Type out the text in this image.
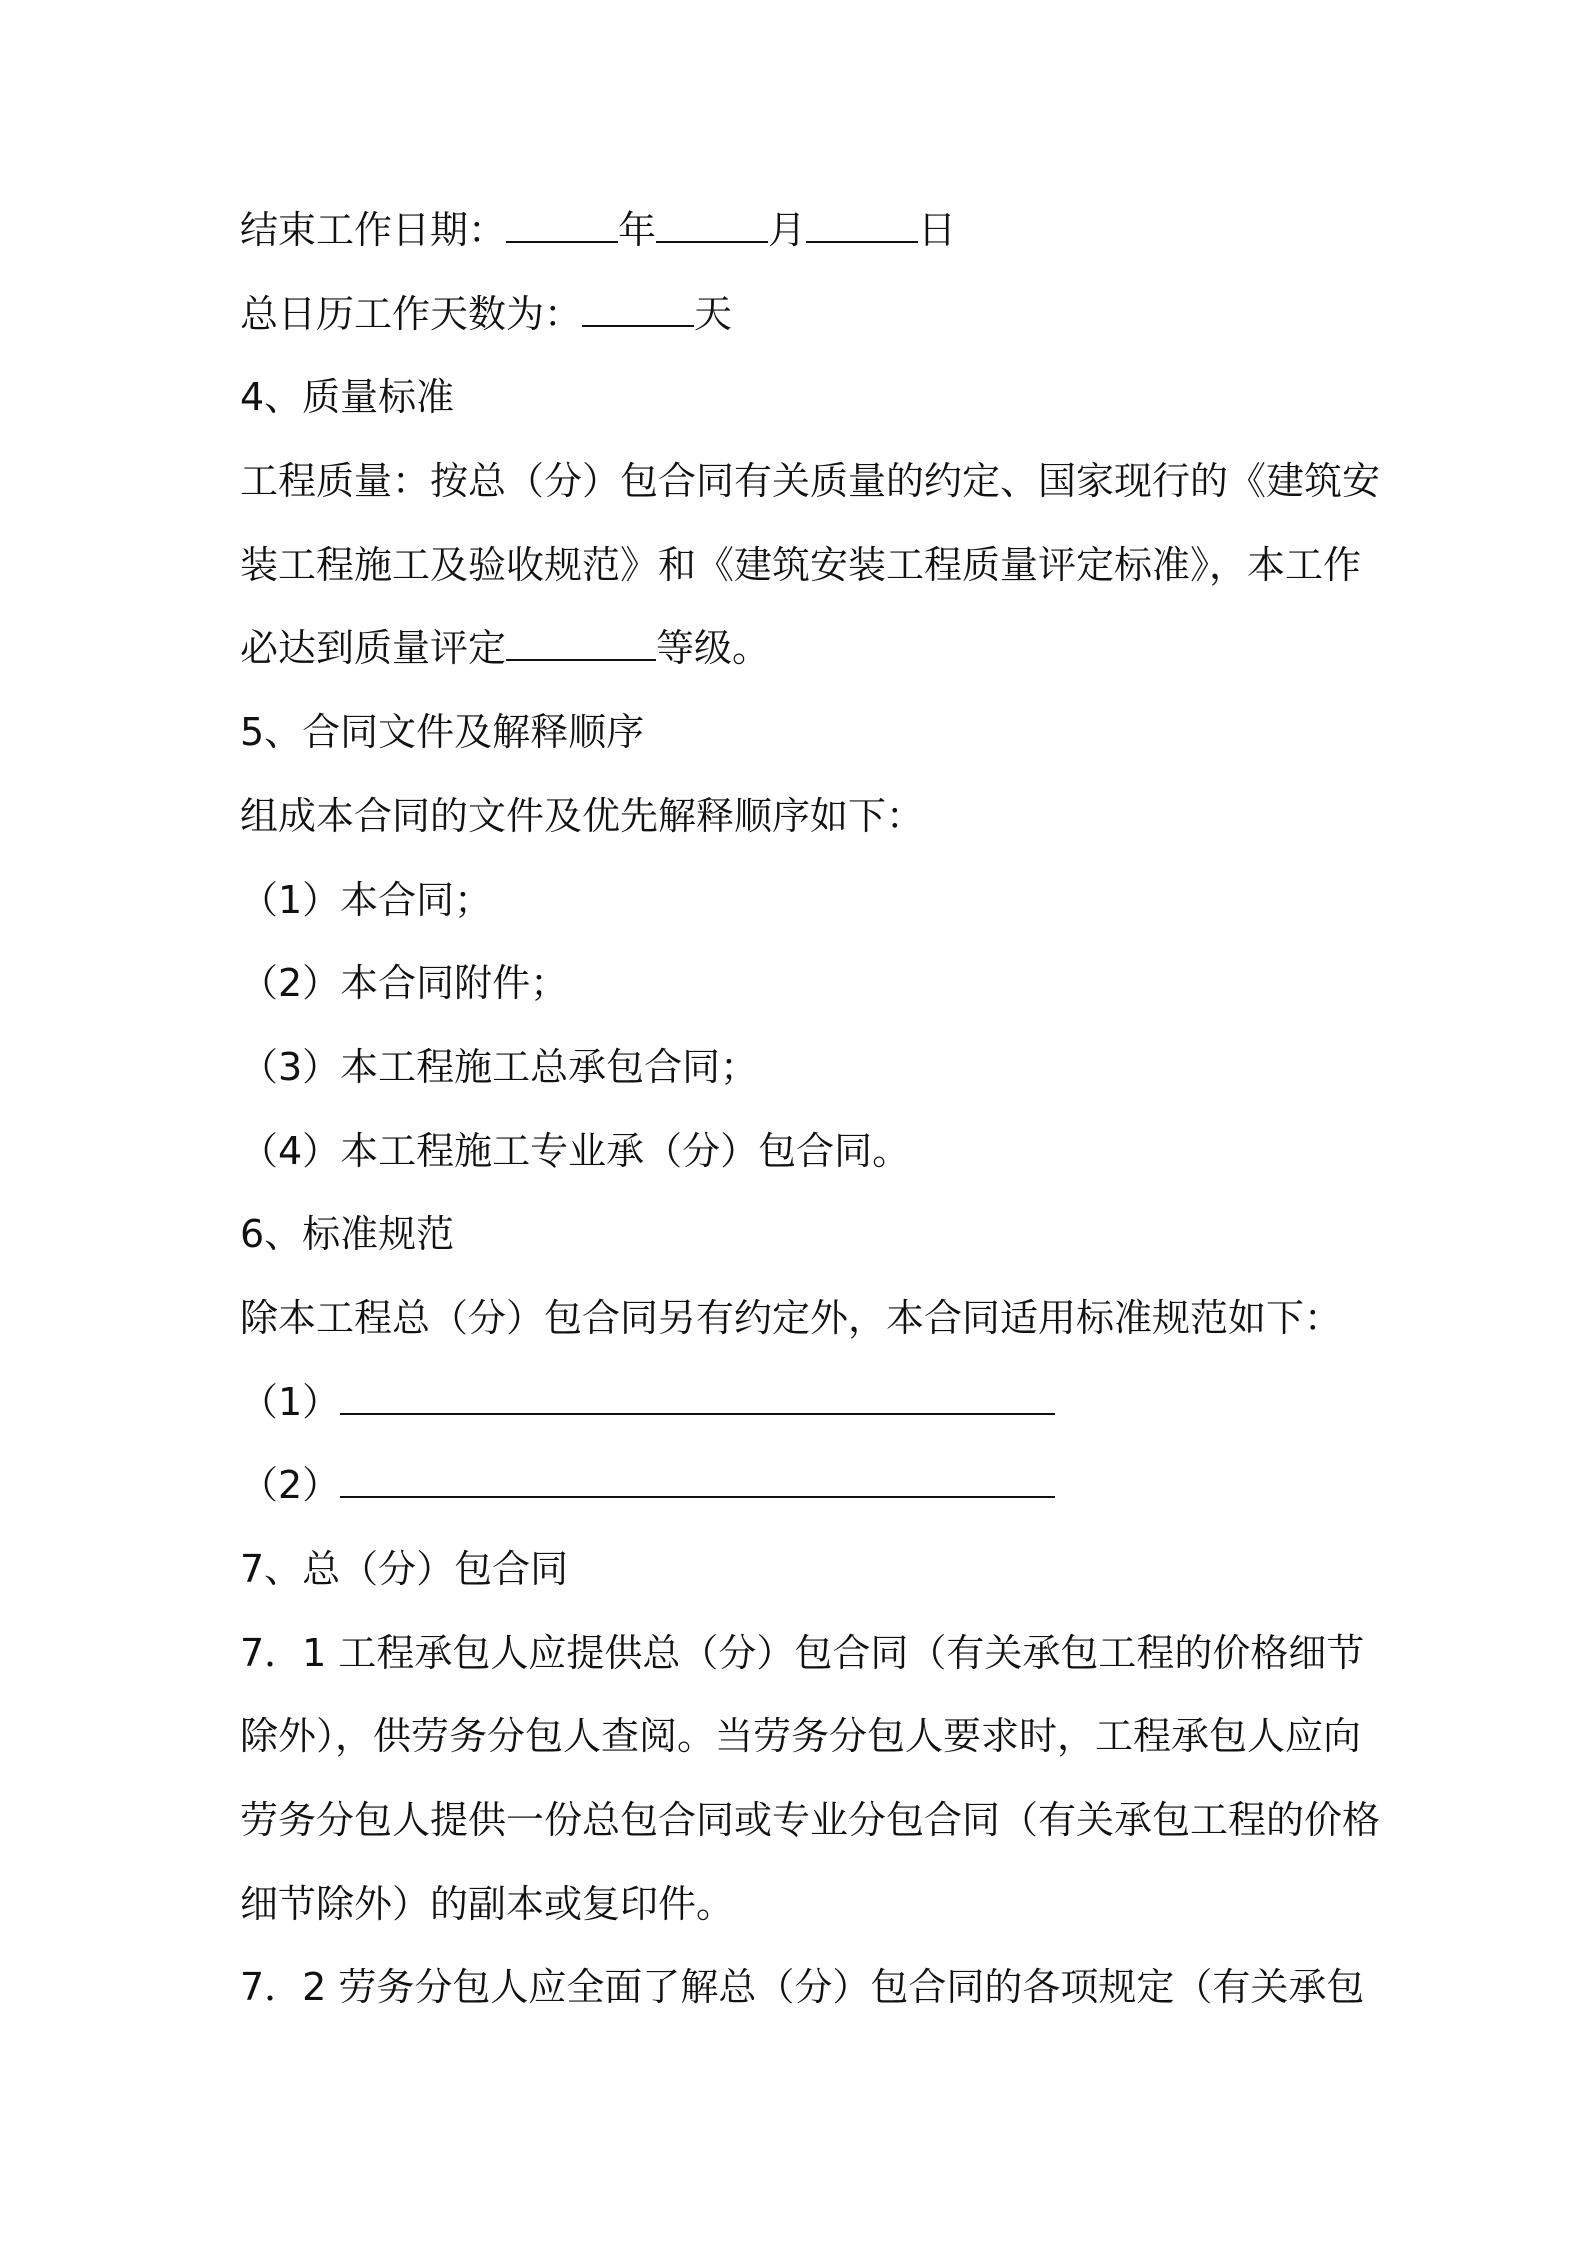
结束工作日期：	年	月	日

总日历工作天数为：	天

4、质量标准

工程质量：按总（分）包合同有关质量的约定、国家现行的《建筑安

装工程施工及验收规范》和《建筑安装工程质量评定标准》，本工作

必达到质量评定	等级。

5、合同文件及解释顺序

组成本合同的文件及优先解释顺序如下：

（1）本合同；

（2）本合同附件；

（3）本工程施工总承包合同；

（4）本工程施工专业承（分）包合同。

6、标准规范

除本工程总（分）包合同另有约定外，本合同适用标准规范如下：

（1）

（2）

7、总（分）包合同

7．1 工程承包人应提供总（分）包合同（有关承包工程的价格细节

除外），供劳务分包人查阅。当劳务分包人要求时，工程承包人应向

劳务分包人提供一份总包合同或专业分包合同（有关承包工程的价格

细节除外）的副本或复印件。

7．2 劳务分包人应全面了解总（分）包合同的各项规定（有关承包
